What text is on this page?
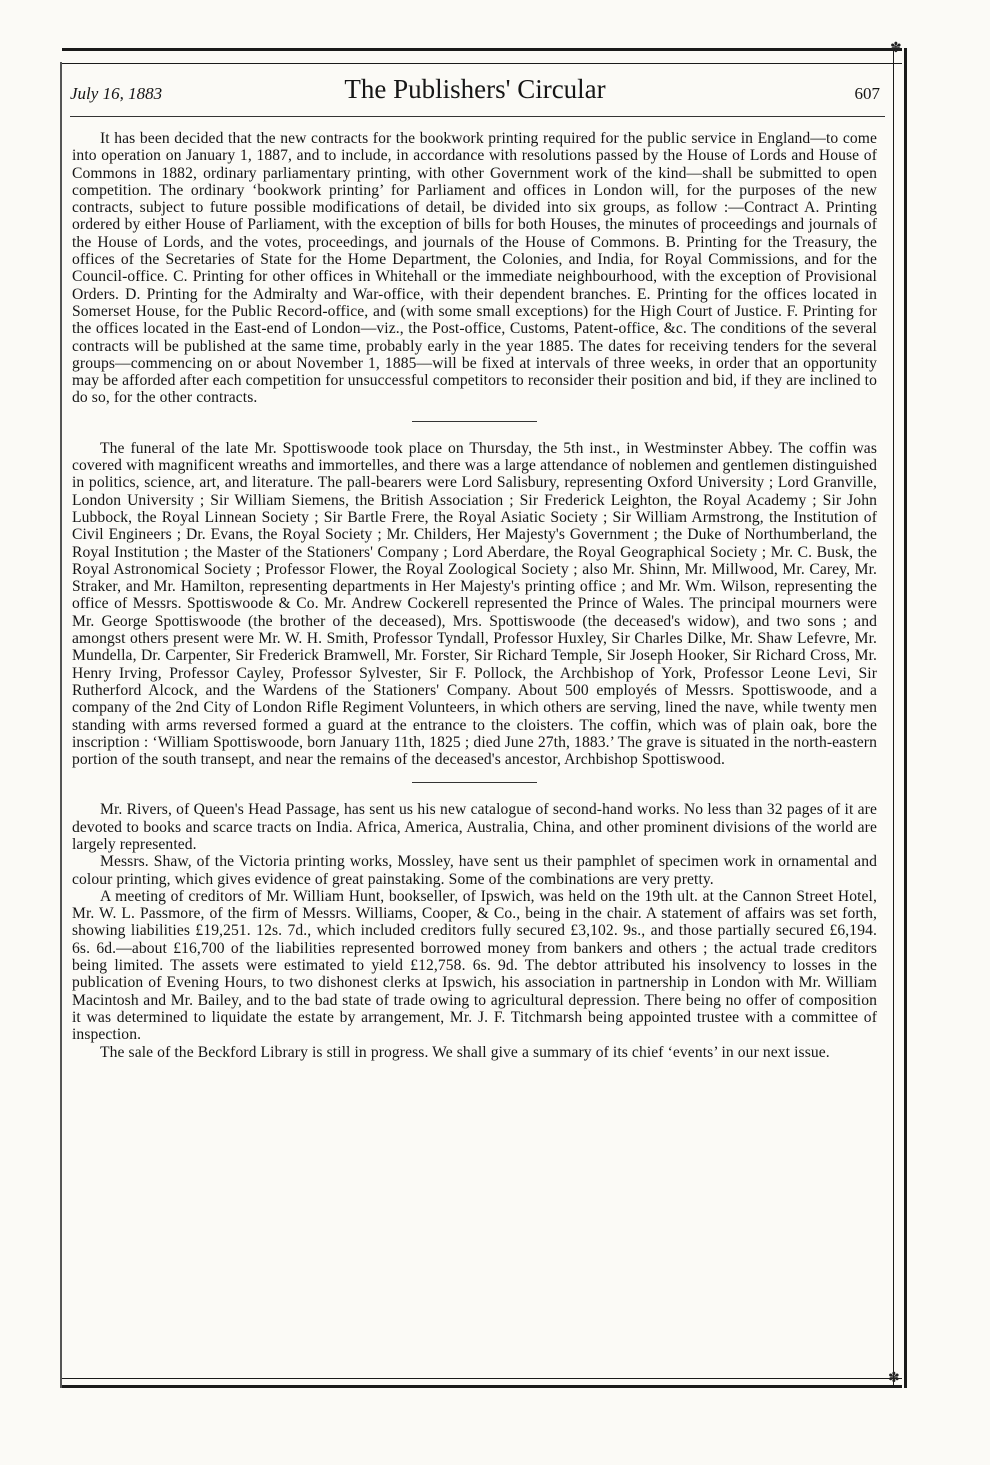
✽
✽
July 16, 1883	The Publishers' Circular	607

It has been decided that the new contracts for the bookwork printing required for the public service in England—to come into operation on January 1, 1887, and to include, in accordance with resolutions passed by the House of Lords and House of Commons in 1882, ordinary parliamentary printing, with other Government work of the kind—shall be submitted to open competition. The ordinary ‘bookwork printing’ for Parliament and offices in London will, for the purposes of the new contracts, subject to future possible modifications of detail, be divided into six groups, as follow :—Contract A. Printing ordered by either House of Parliament, with the exception of bills for both Houses, the minutes of proceedings and journals of the House of Lords, and the votes, proceedings, and journals of the House of Commons. B. Printing for the Treasury, the offices of the Secretaries of State for the Home Department, the Colonies, and India, for Royal Commissions, and for the Council-office. C. Printing for other offices in Whitehall or the immediate neighbourhood, with the exception of Provisional Orders. D. Printing for the Admiralty and War-office, with their dependent branches. E. Printing for the offices located in Somerset House, for the Public Record-office, and (with some small exceptions) for the High Court of Justice. F. Printing for the offices located in the East-end of London—viz., the Post-office, Customs, Patent-office, &c. The conditions of the several contracts will be published at the same time, probably early in the year 1885. The dates for receiving tenders for the several groups—commencing on or about November 1, 1885—will be fixed at intervals of three weeks, in order that an opportunity may be afforded after each competition for unsuccessful competitors to reconsider their position and bid, if they are inclined to do so, for the other contracts.

The funeral of the late Mr. Spottiswoode took place on Thursday, the 5th inst., in Westminster Abbey. The coffin was covered with magnificent wreaths and immortelles, and there was a large attendance of noblemen and gentlemen distinguished in politics, science, art, and literature. The pall-bearers were Lord Salisbury, representing Oxford University ; Lord Granville, London University ; Sir William Siemens, the British Association ; Sir Frederick Leighton, the Royal Academy ; Sir John Lubbock, the Royal Linnean Society ; Sir Bartle Frere, the Royal Asiatic Society ; Sir William Armstrong, the Institution of Civil Engineers ; Dr. Evans, the Royal Society ; Mr. Childers, Her Majesty's Government ; the Duke of Northumberland, the Royal Institution ; the Master of the Stationers' Company ; Lord Aberdare, the Royal Geographical Society ; Mr. C. Busk, the Royal Astronomical Society ; Professor Flower, the Royal Zoological Society ; also Mr. Shinn, Mr. Millwood, Mr. Carey, Mr. Straker, and Mr. Hamilton, representing departments in Her Majesty's printing office ; and Mr. Wm. Wilson, representing the office of Messrs. Spottiswoode & Co. Mr. Andrew Cockerell represented the Prince of Wales. The principal mourners were Mr. George Spottiswoode (the brother of the deceased), Mrs. Spottiswoode (the deceased's widow), and two sons ; and amongst others present were Mr. W. H. Smith, Professor Tyndall, Professor Huxley, Sir Charles Dilke, Mr. Shaw Lefevre, Mr. Mundella, Dr. Carpenter, Sir Frederick Bramwell, Mr. Forster, Sir Richard Temple, Sir Joseph Hooker, Sir Richard Cross, Mr. Henry Irving, Professor Cayley, Professor Sylvester, Sir F. Pollock, the Archbishop of York, Professor Leone Levi, Sir Rutherford Alcock, and the Wardens of the Stationers' Company. About 500 employés of Messrs. Spottiswoode, and a company of the 2nd City of London Rifle Regiment Volunteers, in which others are serving, lined the nave, while twenty men standing with arms reversed formed a guard at the entrance to the cloisters. The coffin, which was of plain oak, bore the inscription : ‘William Spottiswoode, born January 11th, 1825 ; died June 27th, 1883.’ The grave is situated in the north-eastern portion of the south transept, and near the remains of the deceased's ancestor, Archbishop Spottiswood.

Mr. Rivers, of Queen's Head Passage, has sent us his new catalogue of second-hand works. No less than 32 pages of it are devoted to books and scarce tracts on India. Africa, America, Australia, China, and other prominent divisions of the world are largely represented.

Messrs. Shaw, of the Victoria printing works, Mossley, have sent us their pamphlet of specimen work in ornamental and colour printing, which gives evidence of great painstaking. Some of the combinations are very pretty.

A meeting of creditors of Mr. William Hunt, bookseller, of Ipswich, was held on the 19th ult. at the Cannon Street Hotel, Mr. W. L. Passmore, of the firm of Messrs. Williams, Cooper, & Co., being in the chair. A statement of affairs was set forth, showing liabilities £19,251. 12s. 7d., which included creditors fully secured £3,102. 9s., and those partially secured £6,194. 6s. 6d.—about £16,700 of the liabilities represented borrowed money from bankers and others ; the actual trade creditors being limited. The assets were estimated to yield £12,758. 6s. 9d. The debtor attributed his insolvency to losses in the publication of Evening Hours, to two dishonest clerks at Ipswich, his association in partnership in London with Mr. William Macintosh and Mr. Bailey, and to the bad state of trade owing to agricultural depression. There being no offer of composition it was determined to liquidate the estate by arrangement, Mr. J. F. Titchmarsh being appointed trustee with a committee of inspection.

The sale of the Beckford Library is still in progress. We shall give a summary of its chief ‘events’ in our next issue.
